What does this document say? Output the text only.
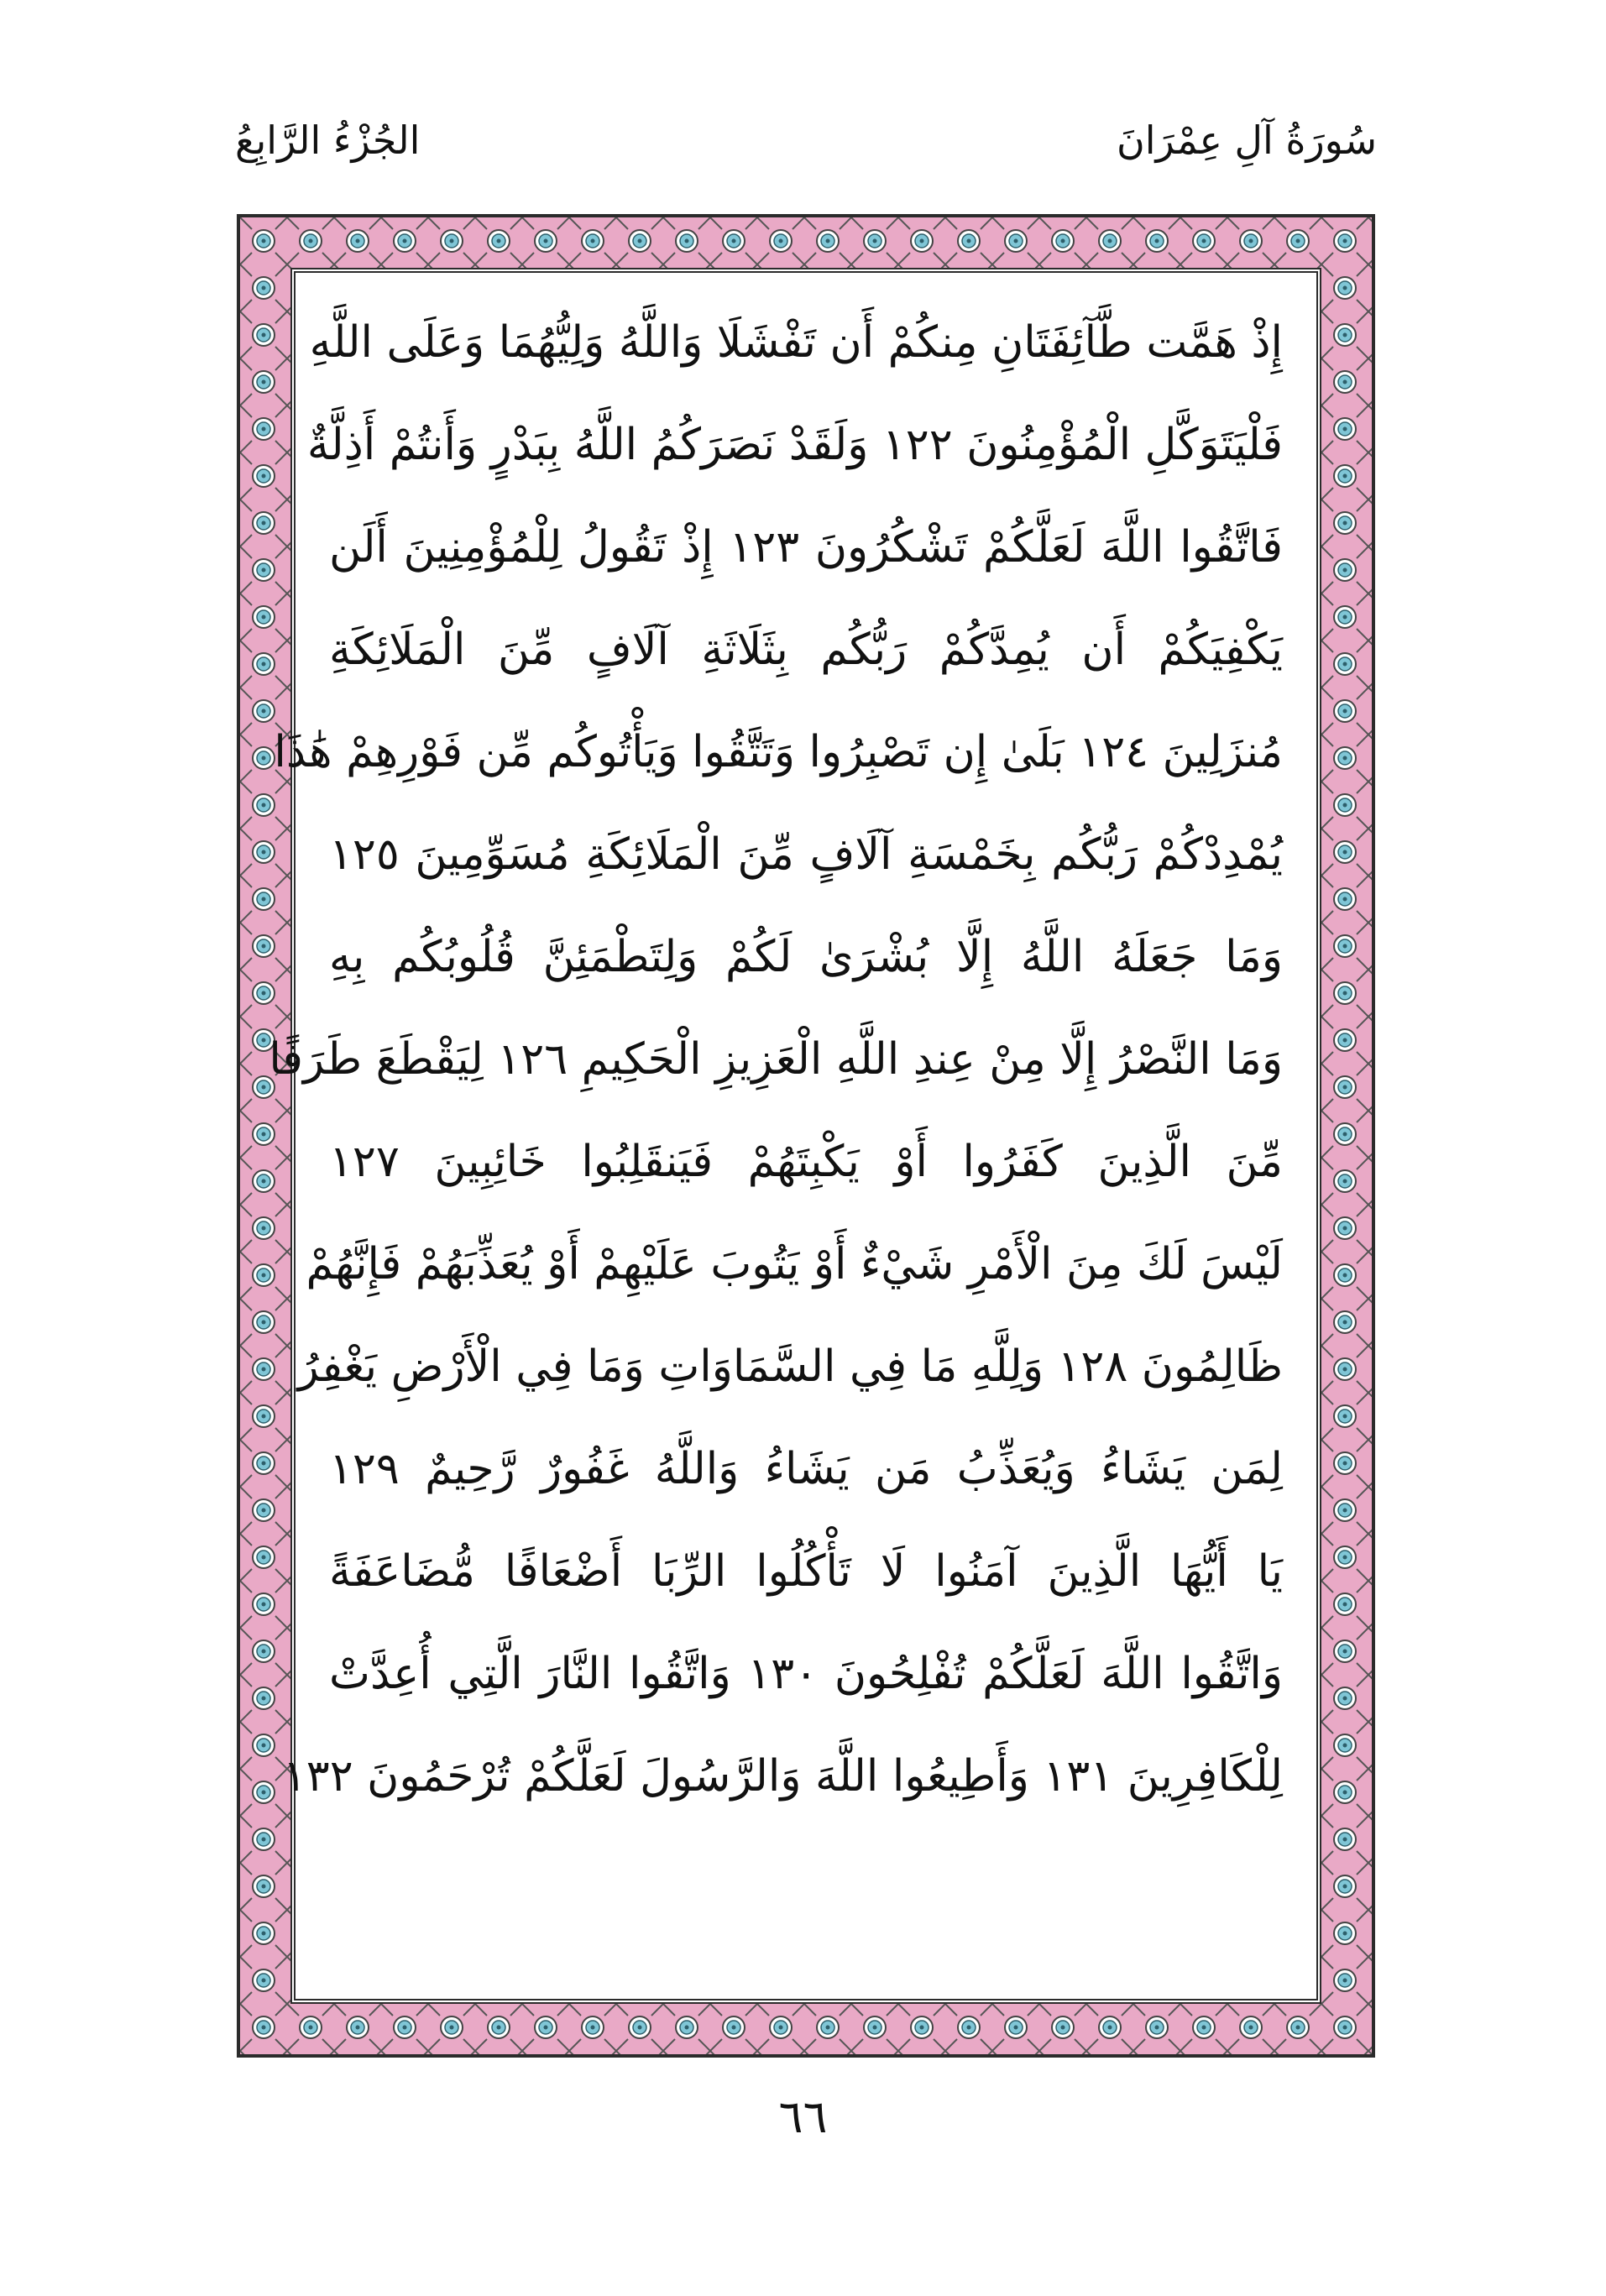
الجُزْءُ الرَّابِعُ	سُورَةُ آلِ عِمْرَانَ
إِذْ هَمَّت طَّآئِفَتَانِ مِنكُمْ أَن تَفْشَلَا وَاللَّهُ وَلِيُّهُمَا وَعَلَى اللَّهِ
فَلْيَتَوَكَّلِ الْمُؤْمِنُونَ ١٢٢ وَلَقَدْ نَصَرَكُمُ اللَّهُ بِبَدْرٍ وَأَنتُمْ أَذِلَّةٌ
فَاتَّقُوا اللَّهَ لَعَلَّكُمْ تَشْكُرُونَ ١٢٣ إِذْ تَقُولُ لِلْمُؤْمِنِينَ أَلَن
يَكْفِيَكُمْ أَن يُمِدَّكُمْ رَبُّكُم بِثَلَاثَةِ آلَافٍ مِّنَ الْمَلَائِكَةِ
مُنزَلِينَ ١٢٤ بَلَىٰ إِن تَصْبِرُوا وَتَتَّقُوا وَيَأْتُوكُم مِّن فَوْرِهِمْ هَٰذَا
يُمْدِدْكُمْ رَبُّكُم بِخَمْسَةِ آلَافٍ مِّنَ الْمَلَائِكَةِ مُسَوِّمِينَ ١٢٥
وَمَا جَعَلَهُ اللَّهُ إِلَّا بُشْرَىٰ لَكُمْ وَلِتَطْمَئِنَّ قُلُوبُكُم بِهِ
وَمَا النَّصْرُ إِلَّا مِنْ عِندِ اللَّهِ الْعَزِيزِ الْحَكِيمِ ١٢٦ لِيَقْطَعَ طَرَفًا
مِّنَ الَّذِينَ كَفَرُوا أَوْ يَكْبِتَهُمْ فَيَنقَلِبُوا خَائِبِينَ ١٢٧
لَيْسَ لَكَ مِنَ الْأَمْرِ شَيْءٌ أَوْ يَتُوبَ عَلَيْهِمْ أَوْ يُعَذِّبَهُمْ فَإِنَّهُمْ
ظَالِمُونَ ١٢٨ وَلِلَّهِ مَا فِي السَّمَاوَاتِ وَمَا فِي الْأَرْضِ يَغْفِرُ
لِمَن يَشَاءُ وَيُعَذِّبُ مَن يَشَاءُ وَاللَّهُ غَفُورٌ رَّحِيمٌ ١٢٩
يَا أَيُّهَا الَّذِينَ آمَنُوا لَا تَأْكُلُوا الرِّبَا أَضْعَافًا مُّضَاعَفَةً
وَاتَّقُوا اللَّهَ لَعَلَّكُمْ تُفْلِحُونَ ١٣٠ وَاتَّقُوا النَّارَ الَّتِي أُعِدَّتْ
لِلْكَافِرِينَ ١٣١ وَأَطِيعُوا اللَّهَ وَالرَّسُولَ لَعَلَّكُمْ تُرْحَمُونَ ١٣٢
٦٦
